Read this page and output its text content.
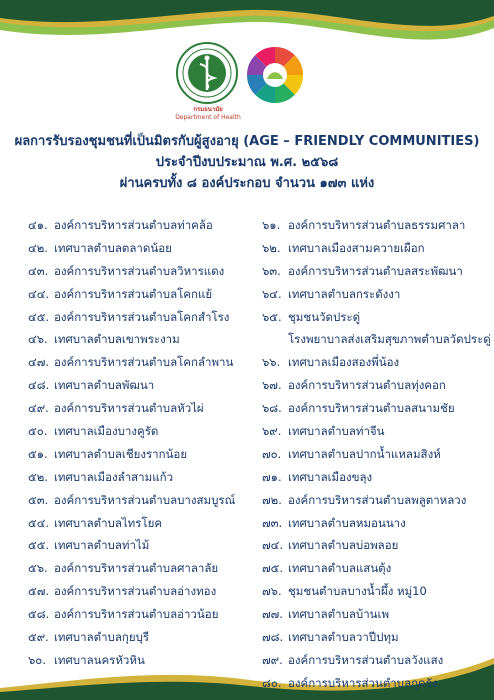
กรมอนามัย
Department of Health
ผลการรับรองชุมชนที่เป็นมิตรกับผู้สูงอายุ (AGE – FRIENDLY COMMUNITIES)
ประจำปีงบประมาณ พ.ศ. ๒๕๖๘
ผ่านครบทั้ง ๘ องค์ประกอบ จำนวน ๑๗๓ แห่ง
๔๑.องค์การบริหารส่วนตำบลท่าคล้อ
๔๒.เทศบาลตำบลตลาดน้อย
๔๓.องค์การบริหารส่วนตำบลวิหารแดง
๔๔.องค์การบริหารส่วนตำบลโคกแย้
๔๕.องค์การบริหารส่วนตำบลโคกสำโรง
๔๖.เทศบาลตำบลเขาพระงาม
๔๗.องค์การบริหารส่วนตำบลโคกลำพาน
๔๘.เทศบาลตำบลพัฒนา
๔๙.องค์การบริหารส่วนตำบลหัวไผ่
๕๐.เทศบาลเมืองบางคูรัด
๕๑.เทศบาลตำบลเชียงรากน้อย
๕๒.เทศบาลเมืองลำสามแก้ว
๕๓.องค์การบริหารส่วนตำบลบางสมบูรณ์
๕๔.เทศบาลตำบลไทรโยค
๕๕.เทศบาลตำบลท่าไม้
๕๖.องค์การบริหารส่วนตำบลศาลาลัย
๕๗.องค์การบริหารส่วนตำบลอ่างทอง
๕๘.องค์การบริหารส่วนตำบลอ่าวน้อย
๕๙.เทศบาลตำบลกุยบุรี
๖๐.เทศบาลนครหัวหิน
๖๑.องค์การบริหารส่วนตำบลธรรมศาลา
๖๒.เทศบาลเมืองสามควายเผือก
๖๓.องค์การบริหารส่วนตำบลสระพัฒนา
๖๔.เทศบาลตำบลกระดังงา
๖๕.ชุมชนวัดประดู่
โรงพยาบาลส่งเสริมสุขภาพตำบลวัดประดู่
๖๖.เทศบาลเมืองสองพี่น้อง
๖๗.องค์การบริหารส่วนตำบลทุ่งคอก
๖๘.องค์การบริหารส่วนตำบลสนามชัย
๖๙.เทศบาลตำบลท่าจีน
๗๐.เทศบาลตำบลปากน้ำแหลมสิงห์
๗๑.เทศบาลเมืองขลุง
๗๒.องค์การบริหารส่วนตำบลพลูตาหลวง
๗๓.เทศบาลตำบลหมอนนาง
๗๔.เทศบาลตำบลบ่อพลอย
๗๕.เทศบาลตำบลแสนตุ้ง
๗๖.ชุมชนตำบลบางน้ำผึ้ง หมู่10
๗๗.เทศบาลตำบลบ้านเพ
๗๘.เทศบาลตำบลวาปีปทุม
๗๙.องค์การบริหารส่วนตำบลวังแสง
๘๐.องค์การบริหารส่วนตำบลกุดรัง
